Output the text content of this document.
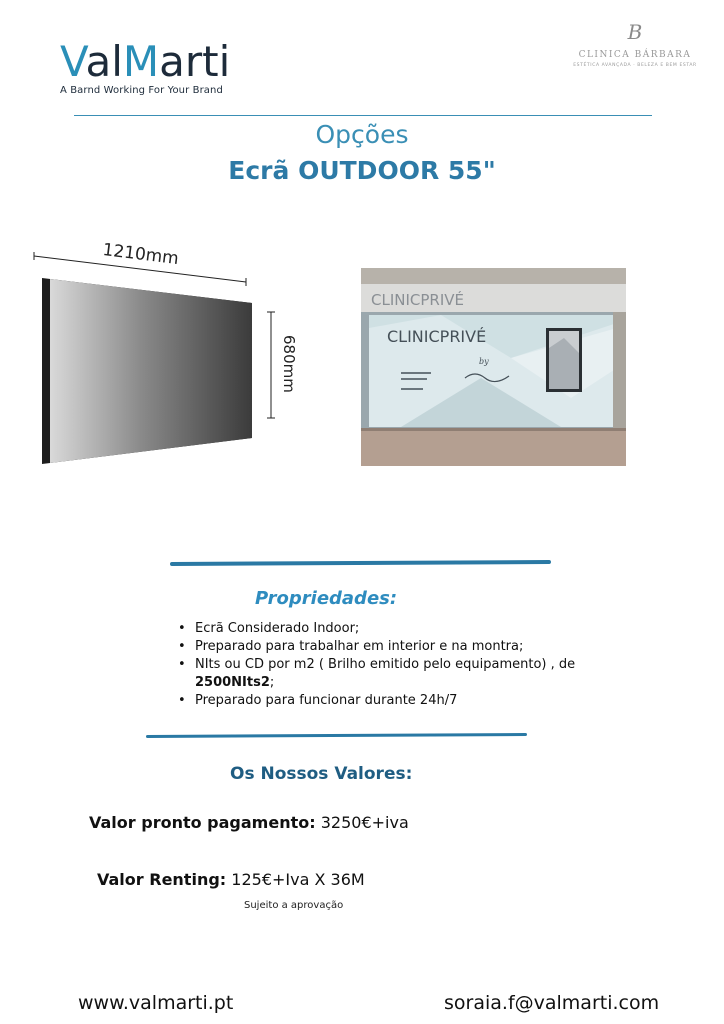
ValMarti
A Barnd Working For Your Brand
B
CLINICA BÁRBARA
ESTÉTICA AVANÇADA · BELEZA E BEM ESTAR
Opções
Ecrã OUTDOOR 55"
1210mm
680mm
CLINICPRIVÉ
CLINICPRIVÉ
by
Propriedades:
• Ecrã Considerado Indoor;
• Preparado para trabalhar em interior e na montra;
• NIts ou CD por m2 ( Brilho emitido pelo equipamento) , de 2500NIts2;
• Preparado para funcionar durante 24h/7
Os Nossos Valores:
Valor pronto pagamento: 3250€+iva
Valor Renting: 125€+Iva X 36M
Sujeito a aprovação
www.valmarti.pt	soraia.f@valmarti.com
